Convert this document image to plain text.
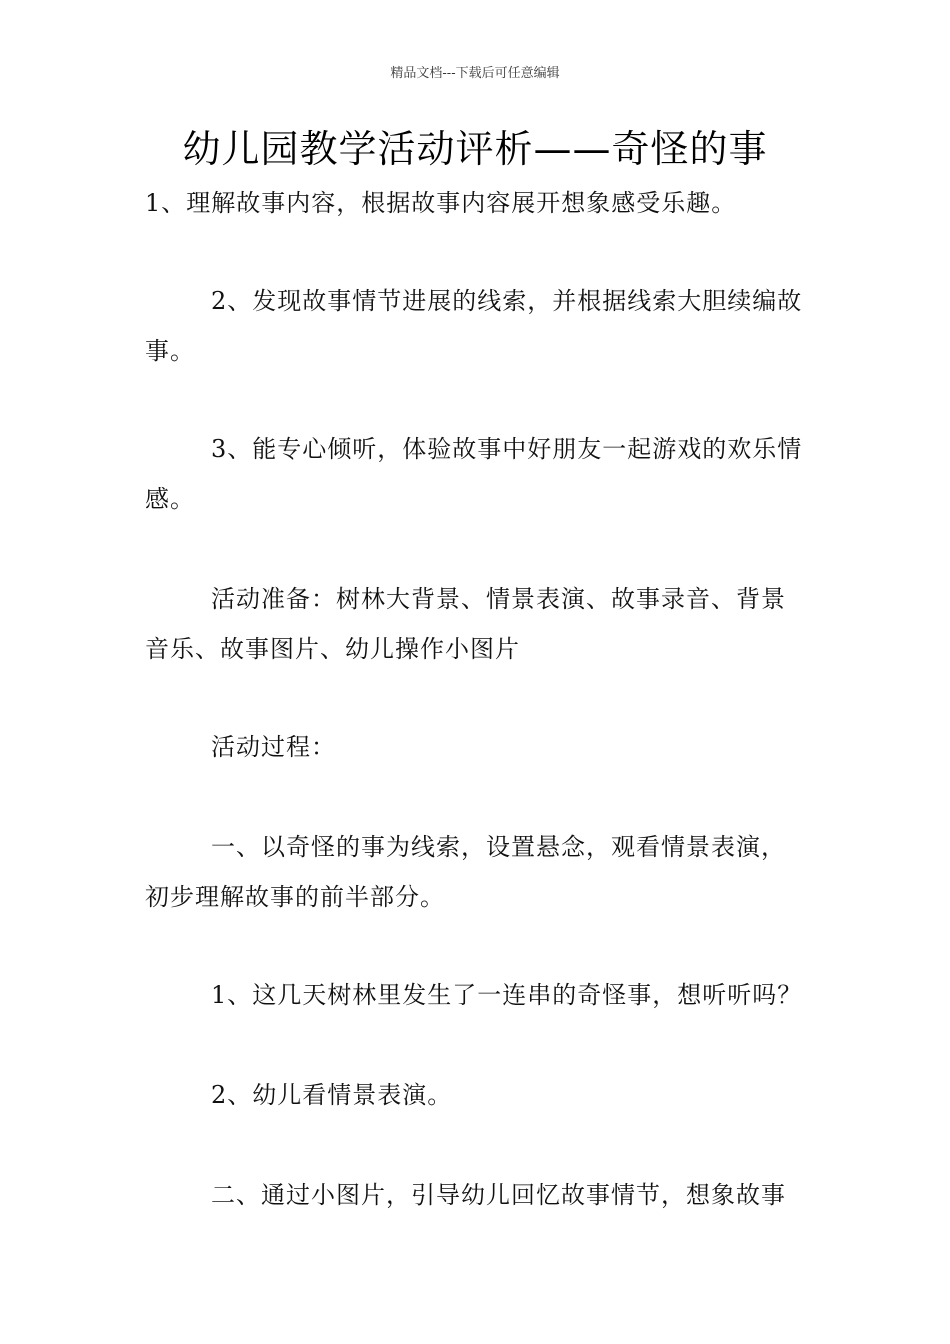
精品文档---下载后可任意编辑
幼儿园教学活动评析——奇怪的事

1、理解故事内容，根据故事内容展开想象感受乐趣。

2、发现故事情节进展的线索，并根据线索大胆续编故事。

3、能专心倾听，体验故事中好朋友一起游戏的欢乐情感。

活动准备：树林大背景、情景表演、故事录音、背景音乐、故事图片、幼儿操作小图片

活动过程：

一、以奇怪的事为线索，设置悬念，观看情景表演，初步理解故事的前半部分。

1、这几天树林里发生了一连串的奇怪事，想听听吗？

2、幼儿看情景表演。

二、通过小图片，引导幼儿回忆故事情节，想象故事
